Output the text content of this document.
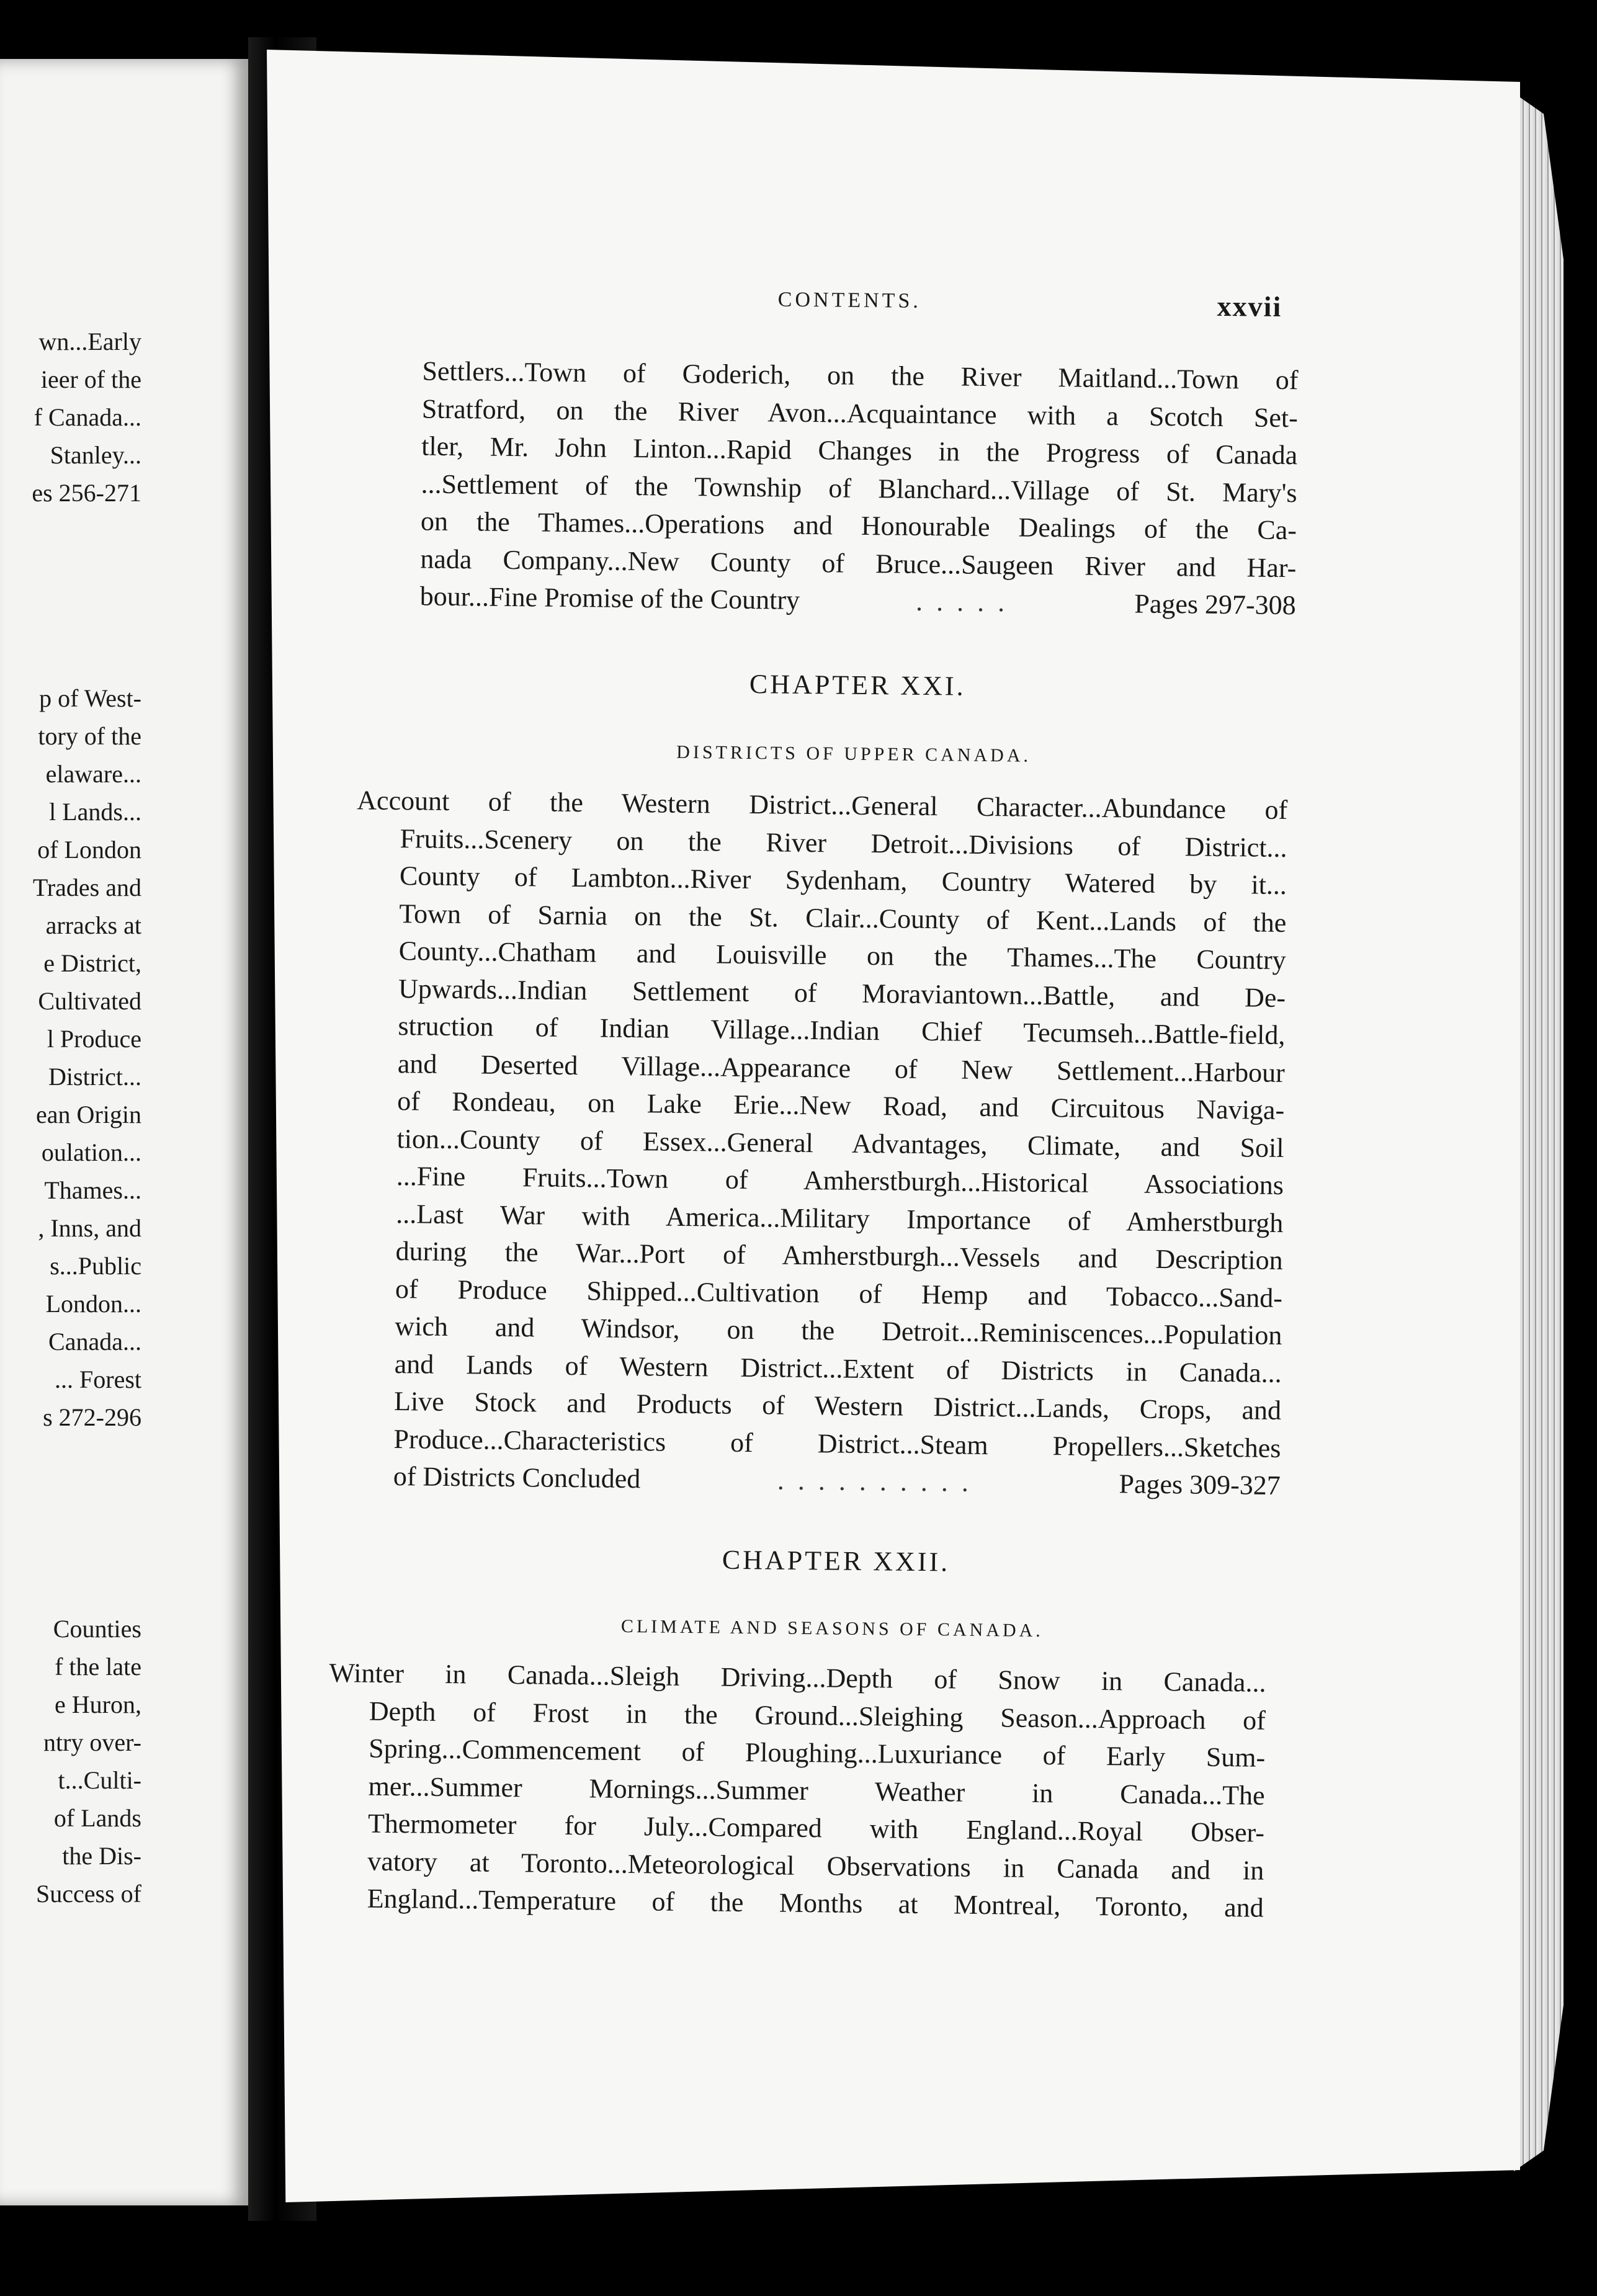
wn...Early
ieer of the
f Canada...
Stanley...
es 256-271
p of West-
tory of the
elaware...
l Lands...
of London
Trades and
arracks at
e District,
Cultivated
l Produce
District...
ean Origin
oulation...
Thames...
, Inns, and
s...Public
London...
Canada...
... Forest
s 272-296
Counties
f the late
e Huron,
ntry over-
t...Culti-
of Lands
the Dis-
Success of
CONTENTS.	xxvii
Settlers...Town of Goderich, on the River Maitland...Town of
Stratford, on the River Avon...Acquaintance with a Scotch Set-
tler, Mr. John Linton...Rapid Changes in the Progress of Canada
...Settlement of the Township of Blanchard...Village of St. Mary's
on the Thames...Operations and Honourable Dealings of the Ca-
nada Company...New County of Bruce...Saugeen River and Har-
bour...Fine Promise of the Country	.....	Pages 297-308
CHAPTER XXI.
DISTRICTS OF UPPER CANADA.
Account of the Western District...General Character...Abundance of
Fruits...Scenery on the River Detroit...Divisions of District...
County of Lambton...River Sydenham, Country Watered by it...
Town of Sarnia on the St. Clair...County of Kent...Lands of the
County...Chatham and Louisville on the Thames...The Country
Upwards...Indian Settlement of Moraviantown...Battle, and De-
struction of Indian Village...Indian Chief Tecumseh...Battle-field,
and Deserted Village...Appearance of New Settlement...Harbour
of Rondeau, on Lake Erie...New Road, and Circuitous Naviga-
tion...County of Essex...General Advantages, Climate, and Soil
...Fine Fruits...Town of Amherstburgh...Historical Associations
...Last War with America...Military Importance of Amherstburgh
during the War...Port of Amherstburgh...Vessels and Description
of Produce Shipped...Cultivation of Hemp and Tobacco...Sand-
wich and Windsor, on the Detroit...Reminiscences...Population
and Lands of Western District...Extent of Districts in Canada...
Live Stock and Products of Western District...Lands, Crops, and
Produce...Characteristics of District...Steam Propellers...Sketches
of Districts Concluded	..........	Pages 309-327
CHAPTER XXII.
CLIMATE AND SEASONS OF CANADA.
Winter in Canada...Sleigh Driving...Depth of Snow in Canada...
Depth of Frost in the Ground...Sleighing Season...Approach of
Spring...Commencement of Ploughing...Luxuriance of Early Sum-
mer...Summer Mornings...Summer Weather in Canada...The
Thermometer for July...Compared with England...Royal Obser-
vatory at Toronto...Meteorological Observations in Canada and in
England...Temperature of the Months at Montreal, Toronto, and
